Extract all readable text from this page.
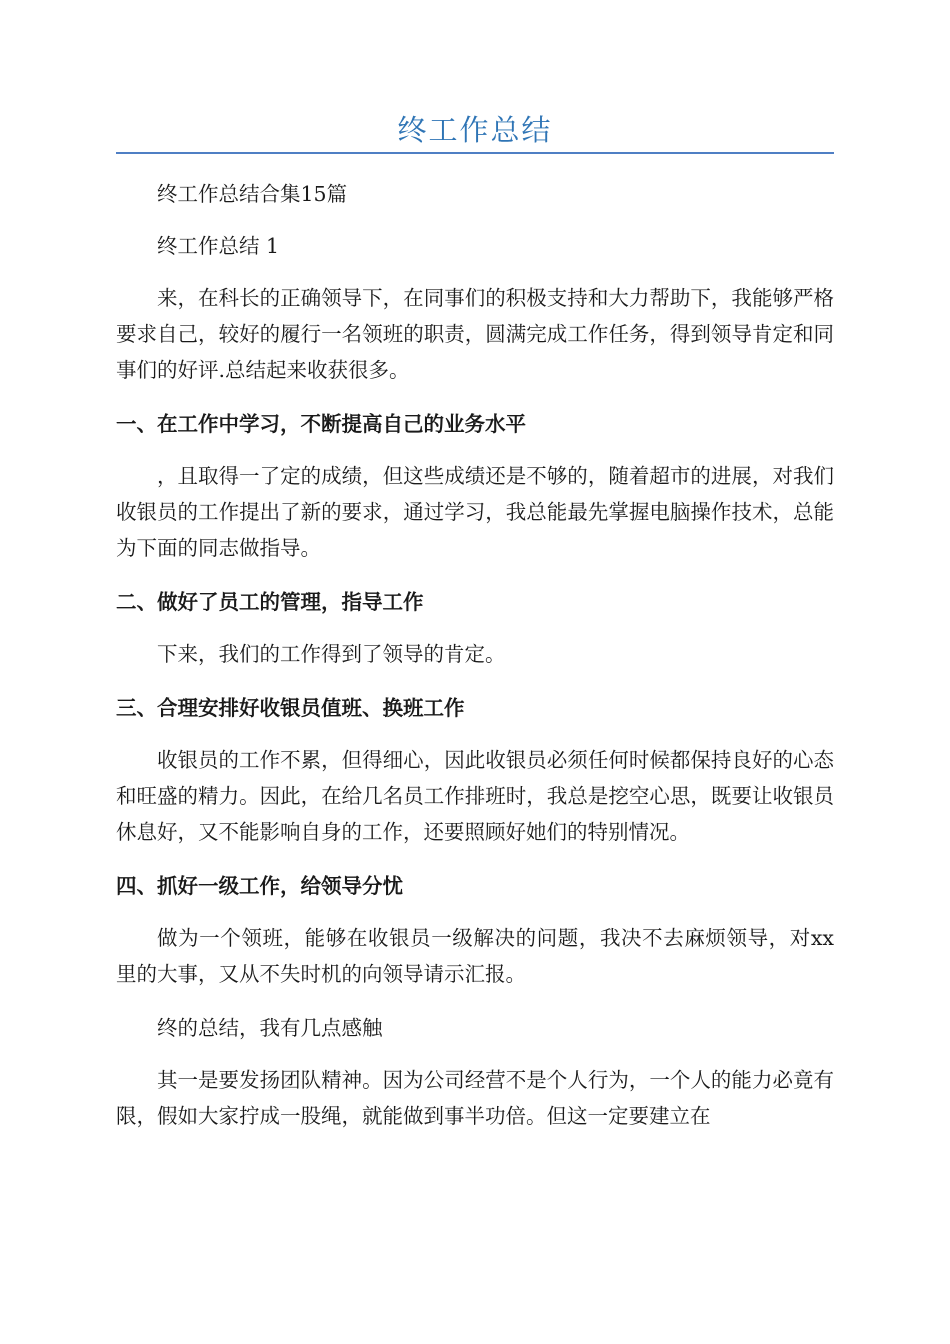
终工作总结

终工作总结合集15篇

终工作总结 1

来，在科长的正确领导下，在同事们的积极支持和大力帮助下，我能够严格要求自己，较好的履行一名领班的职责，圆满完成工作任务，得到领导肯定和同事们的好评.总结起来收获很多。

一、在工作中学习，不断提高自己的业务水平

，且取得一了定的成绩，但这些成绩还是不够的，随着超市的进展，对我们收银员的工作提出了新的要求，通过学习，我总能最先掌握电脑操作技术，总能为下面的同志做指导。

二、做好了员工的管理，指导工作

下来，我们的工作得到了领导的肯定。

三、合理安排好收银员值班、换班工作

收银员的工作不累，但得细心，因此收银员必须任何时候都保持良好的心态和旺盛的精力。因此，在给几名员工作排班时，我总是挖空心思，既要让收银员休息好，又不能影响自身的工作，还要照顾好她们的特别情况。

四、抓好一级工作，给领导分忧

做为一个领班，能够在收银员一级解决的问题，我决不去麻烦领导，对xx里的大事，又从不失时机的向领导请示汇报。

终的总结，我有几点感触

其一是要发扬团队精神。因为公司经营不是个人行为，一个人的能力必竟有限，假如大家拧成一股绳，就能做到事半功倍。但这一定要建立在
